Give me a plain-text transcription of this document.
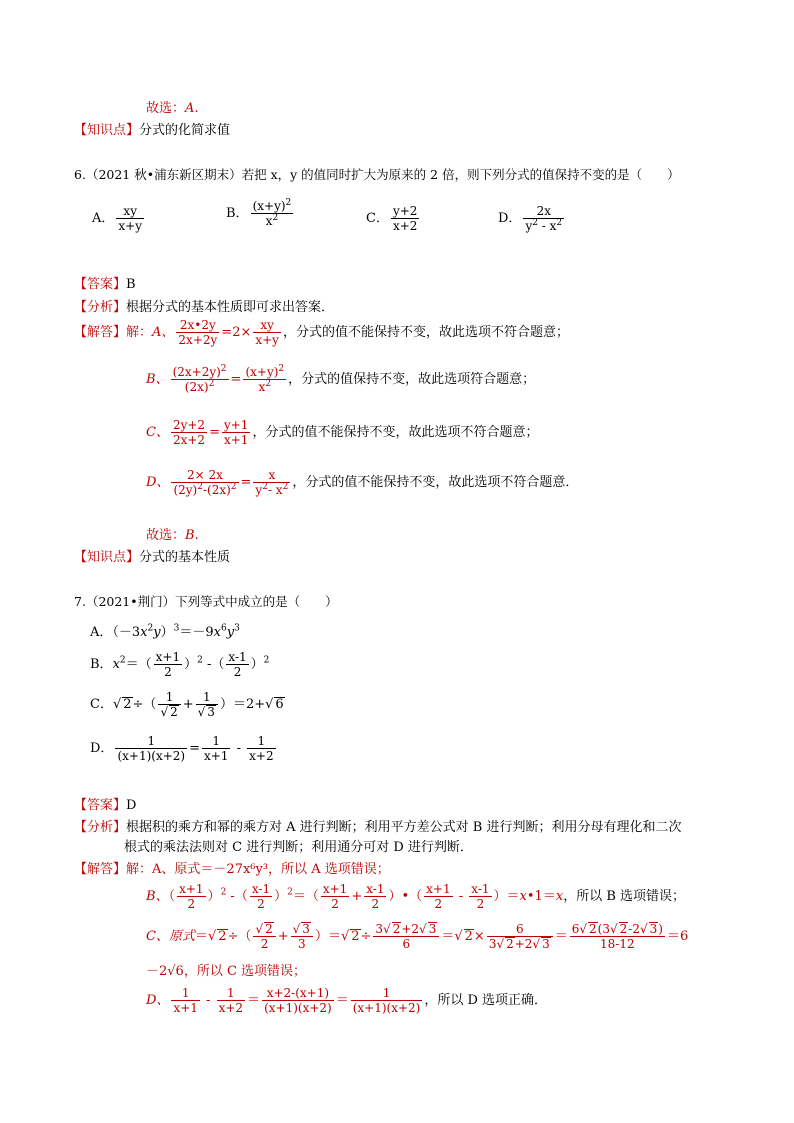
故选：A.
【知识点】分式的化简求值
6.（2021 秋•浦东新区期末）若把 x，y 的值同时扩大为原来的 2 倍，则下列分式的值保持不变的是（　　）
A． $\frac{xy}{x+y}$	B． $\frac{(x+y)^2}{x^2}$	C． $\frac{y+2}{x+2}$	D． $\frac{2x}{y^2 - x^2}$
【答案】B
【分析】根据分式的基本性质即可求出答案．
【解答】解：A、 $\frac{2x•2y}{2x+2y} =2\times \frac{xy}{x+y}$ ，分式的值不能保持不变，故此选项不符合题意；
B、 $\frac{(2x+2y)^2}{(2x)^2} = \frac{(x+y)^2}{x^2}$ ，分式的值保持不变，故此选项符合题意；
C、 $\frac{2y+2}{2x+2} = \frac{y+1}{x+1}$ ，分式的值不能保持不变，故此选项不符合题意；
D、 $\frac{2\times 2x}{(2y)^2-(2x)^2} = \frac{x}{y^2- x^2}$ ，分式的值不能保持不变，故此选项不符合题意．
故选：B.
【知识点】分式的基本性质
7.（2021•荆门）下列等式中成立的是（　　）
A．$(-3x^2y)^3=-9x^6y^3$
B．$x^2=( \frac{x+1}{2} )^2$ -（ $\frac{x-1}{2} )^2$
C．√ $2\div( \frac{1}{√ 2} + \frac{1}{√ 3} )=2+√$ 6
D． $\frac{1}{(x+1)(x+2)} = \frac{1}{x+1} - \frac{1}{x+2}$
【答案】D
【分析】根据积的乘方和幂的乘方对 A 进行判断；利用平方差公式对 B 进行判断；利用分母有理化和二次
根式的乘法法则对 C 进行判断；利用通分可对 D 进行判断．
【解答】解：A、原式＝－27x⁶y³，所以 A 选项错误；
B、（ $\frac{x+1}{2} )^2$ -（ $\frac{x-1}{2} )^2=( \frac{x+1}{2} + \frac{x-1}{2}$ ）•（ $\frac{x+1}{2} - \frac{x-1}{2}$ ）＝x•1＝x，所以 B 选项错误；
C、原式＝√ $2\div( \frac{√ 2}{2} + \frac{√ 3}{3}$ ）＝√ $2\div \frac{3√ 2+2√ 3}{6}$ ＝√ $2\times \frac{6}{3√ 2+2√ 3} = \frac{6√ 2(3√ 2-2√ 3)}{18-12} =6$
－2√6，所以 C 选项错误；
D、 $\frac{1}{x+1} - \frac{1}{x+2} = \frac{x+2-(x+1)}{(x+1)(x+2)} = \frac{1}{(x+1)(x+2)}$ ，所以 D 选项正确．
